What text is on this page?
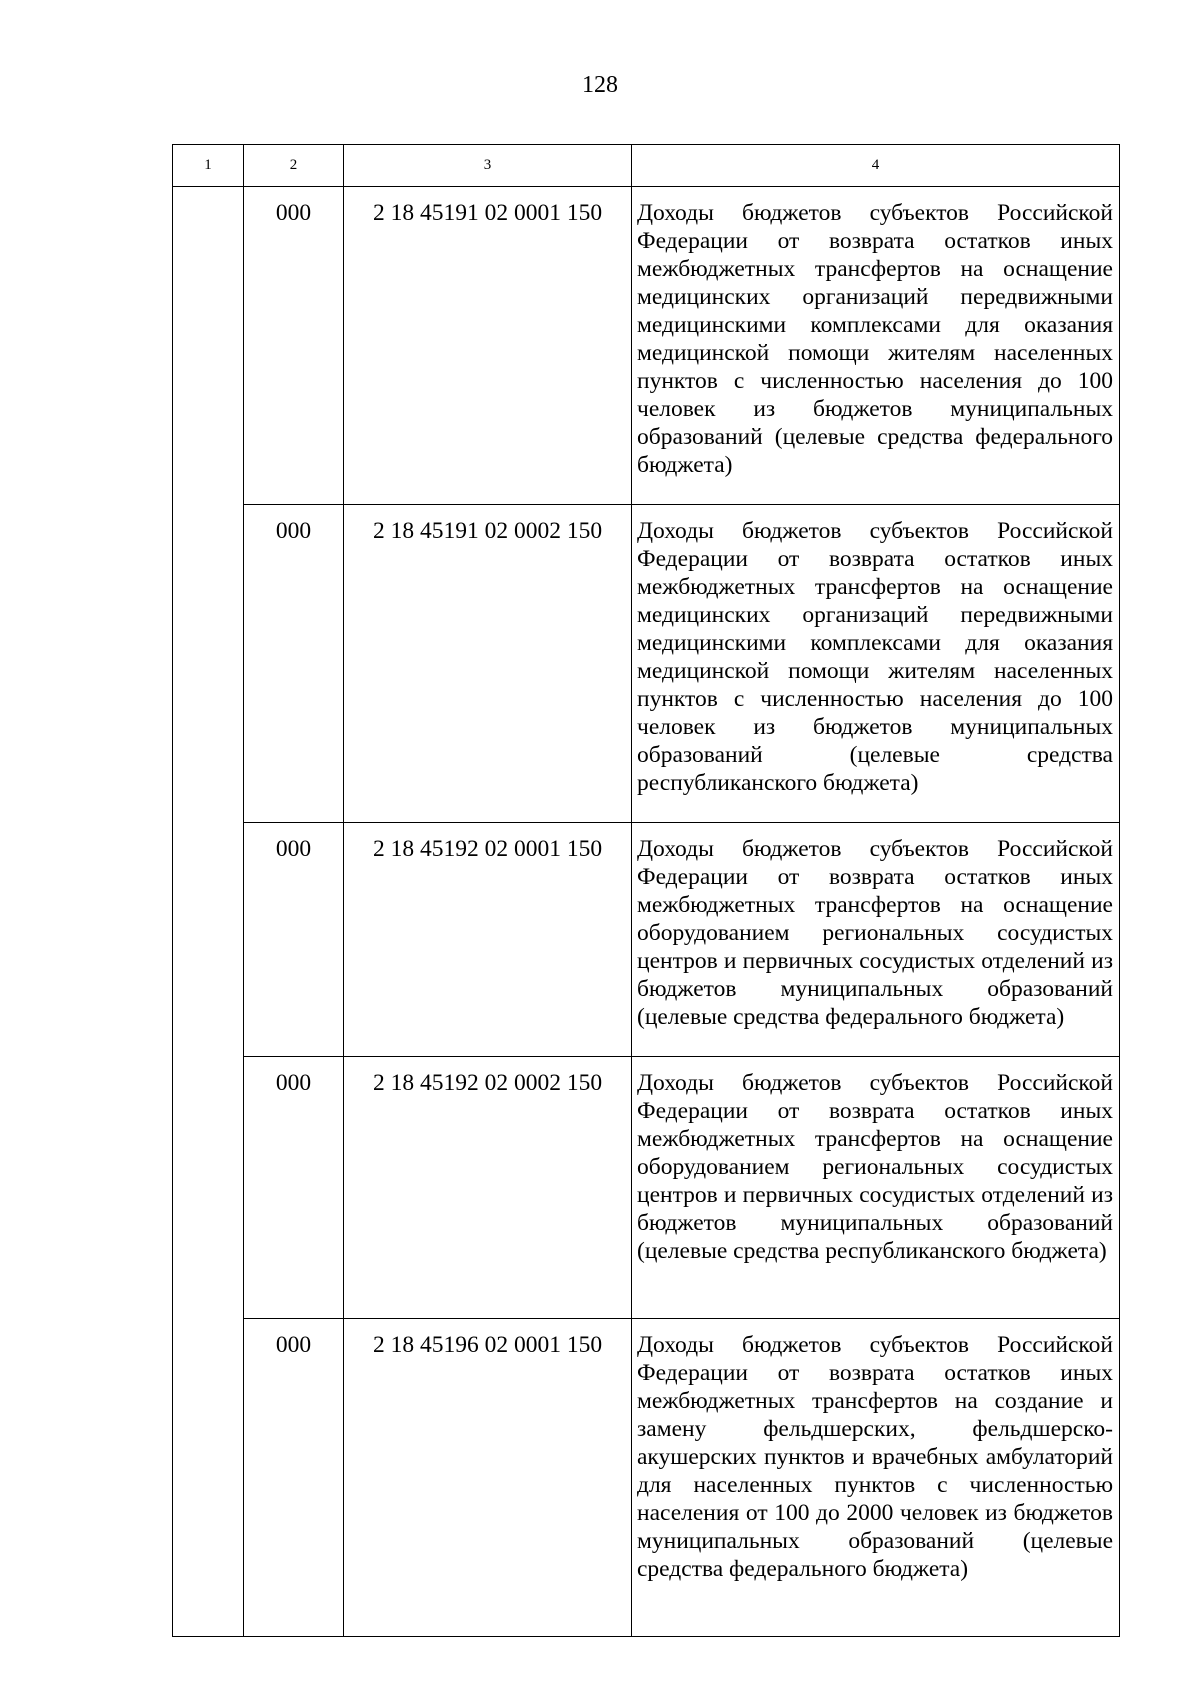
128
1	2	3	4
	000	2 18 45191 02 0001 150	Доходы бюджетов субъектов Российской Федерации от возврата остатков иных межбюджетных трансфертов на оснащение медицинских организаций передвижными медицинскими комплексами для оказания медицинской помощи жителям населенных пунктов с численностью населения до 100 человек из бюджетов муниципальных образований (целевые средства федерального бюджета)

	000	2 18 45191 02 0002 150	Доходы бюджетов субъектов Российской Федерации от возврата остатков иных межбюджетных трансфертов на оснащение медицинских организаций передвижными медицинскими комплексами для оказания медицинской помощи жителям населенных пунктов с численностью населения до 100 человек из бюджетов муниципальных образований (целевые средства республиканского бюджета)

	000	2 18 45192 02 0001 150	Доходы бюджетов субъектов Российской Федерации от возврата остатков иных межбюджетных трансфертов на оснащение оборудованием региональных сосудистых центров и первичных сосудистых отделений из бюджетов муниципальных образований (целевые средства федерального бюджета)

	000	2 18 45192 02 0002 150	Доходы бюджетов субъектов Российской Федерации от возврата остатков иных межбюджетных трансфертов на оснащение оборудованием региональных сосудистых центров и первичных сосудистых отделений из бюджетов муниципальных образований (целевые средства республиканского бюджета)

	000	2 18 45196 02 0001 150	Доходы бюджетов субъектов Российской Федерации от возврата остатков иных межбюджетных трансфертов на создание и замену фельдшерских, фельдшерско-акушерских пунктов и врачебных амбулаторий для населенных пунктов с численностью населения от 100 до 2000 человек из бюджетов муниципальных образований (целевые средства федерального бюджета)
